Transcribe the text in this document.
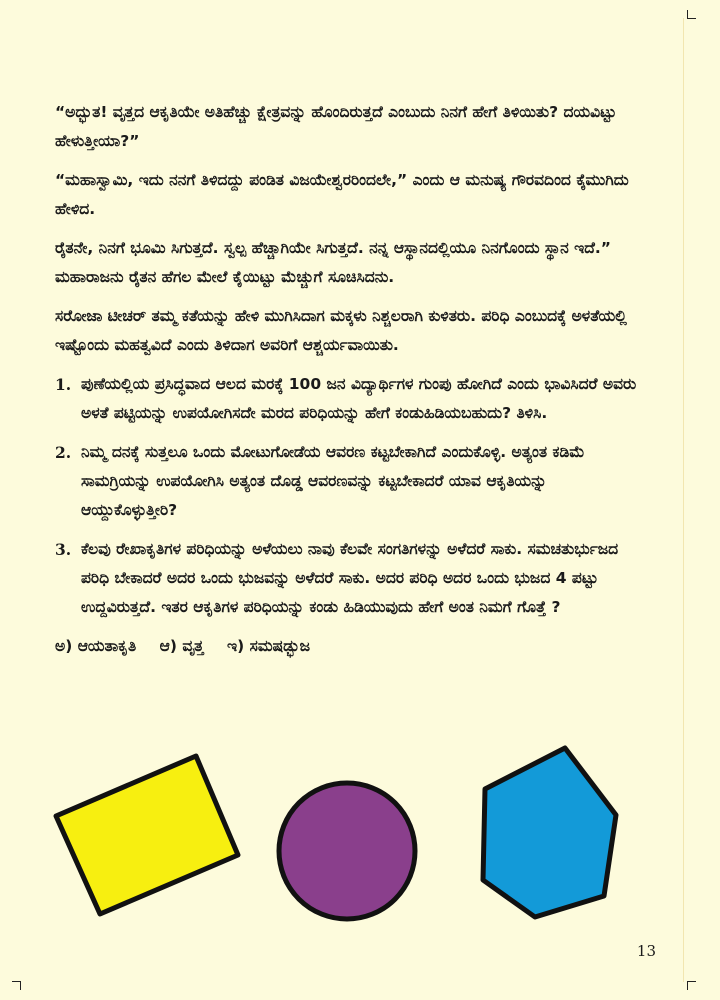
“ಅದ್ಭುತ! ವೃತ್ತದ ಆಕೃತಿಯೇ ಅತಿಹೆಚ್ಚು ಕ್ಷೇತ್ರವನ್ನು ಹೊಂದಿರುತ್ತದೆ ಎಂಬುದು ನಿನಗೆ ಹೇಗೆ ತಿಳಿಯಿತು? ದಯವಿಟ್ಟು ಹೇಳುತ್ತೀಯಾ?”

“ಮಹಾಸ್ವಾಮಿ, ಇದು ನನಗೆ ತಿಳಿದದ್ದು ಪಂಡಿತ ವಿಜಯೇಶ್ವರರಿಂದಲೇ,” ಎಂದು ಆ ಮನುಷ್ಯ ಗೌರವದಿಂದ ಕೈಮುಗಿದು ಹೇಳಿದ.

ರೈತನೇ, ನಿನಗೆ ಭೂಮಿ ಸಿಗುತ್ತದೆ. ಸ್ವಲ್ಪ ಹೆಚ್ಚಾಗಿಯೇ ಸಿಗುತ್ತದೆ. ನನ್ನ ಆಸ್ಥಾನದಲ್ಲಿಯೂ ನಿನಗೊಂದು ಸ್ಥಾನ ಇದೆ.” ಮಹಾರಾಜನು ರೈತನ ಹೆಗಲ ಮೇಲೆ ಕೈಯಿಟ್ಟು ಮೆಚ್ಚುಗೆ ಸೂಚಿಸಿದನು.

ಸರೋಜಾ ಟೀಚರ್ ತಮ್ಮ ಕತೆಯನ್ನು ಹೇಳಿ ಮುಗಿಸಿದಾಗ ಮಕ್ಕಳು ನಿಶ್ಚಲರಾಗಿ ಕುಳಿತರು. ಪರಿಧಿ ಎಂಬುದಕ್ಕೆ ಅಳತೆಯಲ್ಲಿ ಇಷ್ಟೊಂದು ಮಹತ್ವವಿದೆ ಎಂದು ತಿಳಿದಾಗ ಅವರಿಗೆ ಆಶ್ಚರ್ಯವಾಯಿತು.

1. ಪುಣೆಯಲ್ಲಿಯ ಪ್ರಸಿದ್ಧವಾದ ಆಲದ ಮರಕ್ಕೆ 100 ಜನ ವಿದ್ಯಾರ್ಥಿಗಳ ಗುಂಪು ಹೋಗಿದೆ ಎಂದು ಭಾವಿಸಿದರೆ ಅವರು ಅಳತೆ ಪಟ್ಟಿಯನ್ನು ಉಪಯೋಗಿಸದೇ ಮರದ ಪರಿಧಿಯನ್ನು ಹೇಗೆ ಕಂಡುಹಿಡಿಯಬಹುದು? ತಿಳಿಸಿ.
2. ನಿಮ್ಮ ದನಕ್ಕೆ ಸುತ್ತಲೂ ಒಂದು ಮೋಟುಗೋಡೆಯ ಆವರಣ ಕಟ್ಟಬೇಕಾಗಿದೆ ಎಂದುಕೊಳ್ಳಿ. ಅತ್ಯಂತ ಕಡಿಮೆ ಸಾಮಗ್ರಿಯನ್ನು ಉಪಯೋಗಿಸಿ ಅತ್ಯಂತ ದೊಡ್ಡ ಆವರಣವನ್ನು ಕಟ್ಟಬೇಕಾದರೆ ಯಾವ ಆಕೃತಿಯನ್ನು ಆಯ್ದುಕೊಳ್ಳುತ್ತೀರಿ?
3. ಕೆಲವು ರೇಖಾಕೃತಿಗಳ ಪರಿಧಿಯನ್ನು ಅಳೆಯಲು ನಾವು ಕೆಲವೇ ಸಂಗತಿಗಳನ್ನು ಅಳೆದರೆ ಸಾಕು. ಸಮಚತುರ್ಭುಜದ ಪರಿಧಿ ಬೇಕಾದರೆ ಅದರ ಒಂದು ಭುಜವನ್ನು ಅಳೆದರೆ ಸಾಕು. ಅದರ ಪರಿಧಿ ಅದರ ಒಂದು ಭುಜದ 4 ಪಟ್ಟು ಉದ್ದವಿರುತ್ತದೆ. ಇತರ ಆಕೃತಿಗಳ ಪರಿಧಿಯನ್ನು ಕಂಡು ಹಿಡಿಯುವುದು ಹೇಗೆ ಅಂತ ನಿಮಗೆ ಗೊತ್ತೆ ?
ಅ) ಆಯತಾಕೃತಿ ಆ) ವೃತ್ತ ಇ) ಸಮಷಡ್ಭುಜ
13
